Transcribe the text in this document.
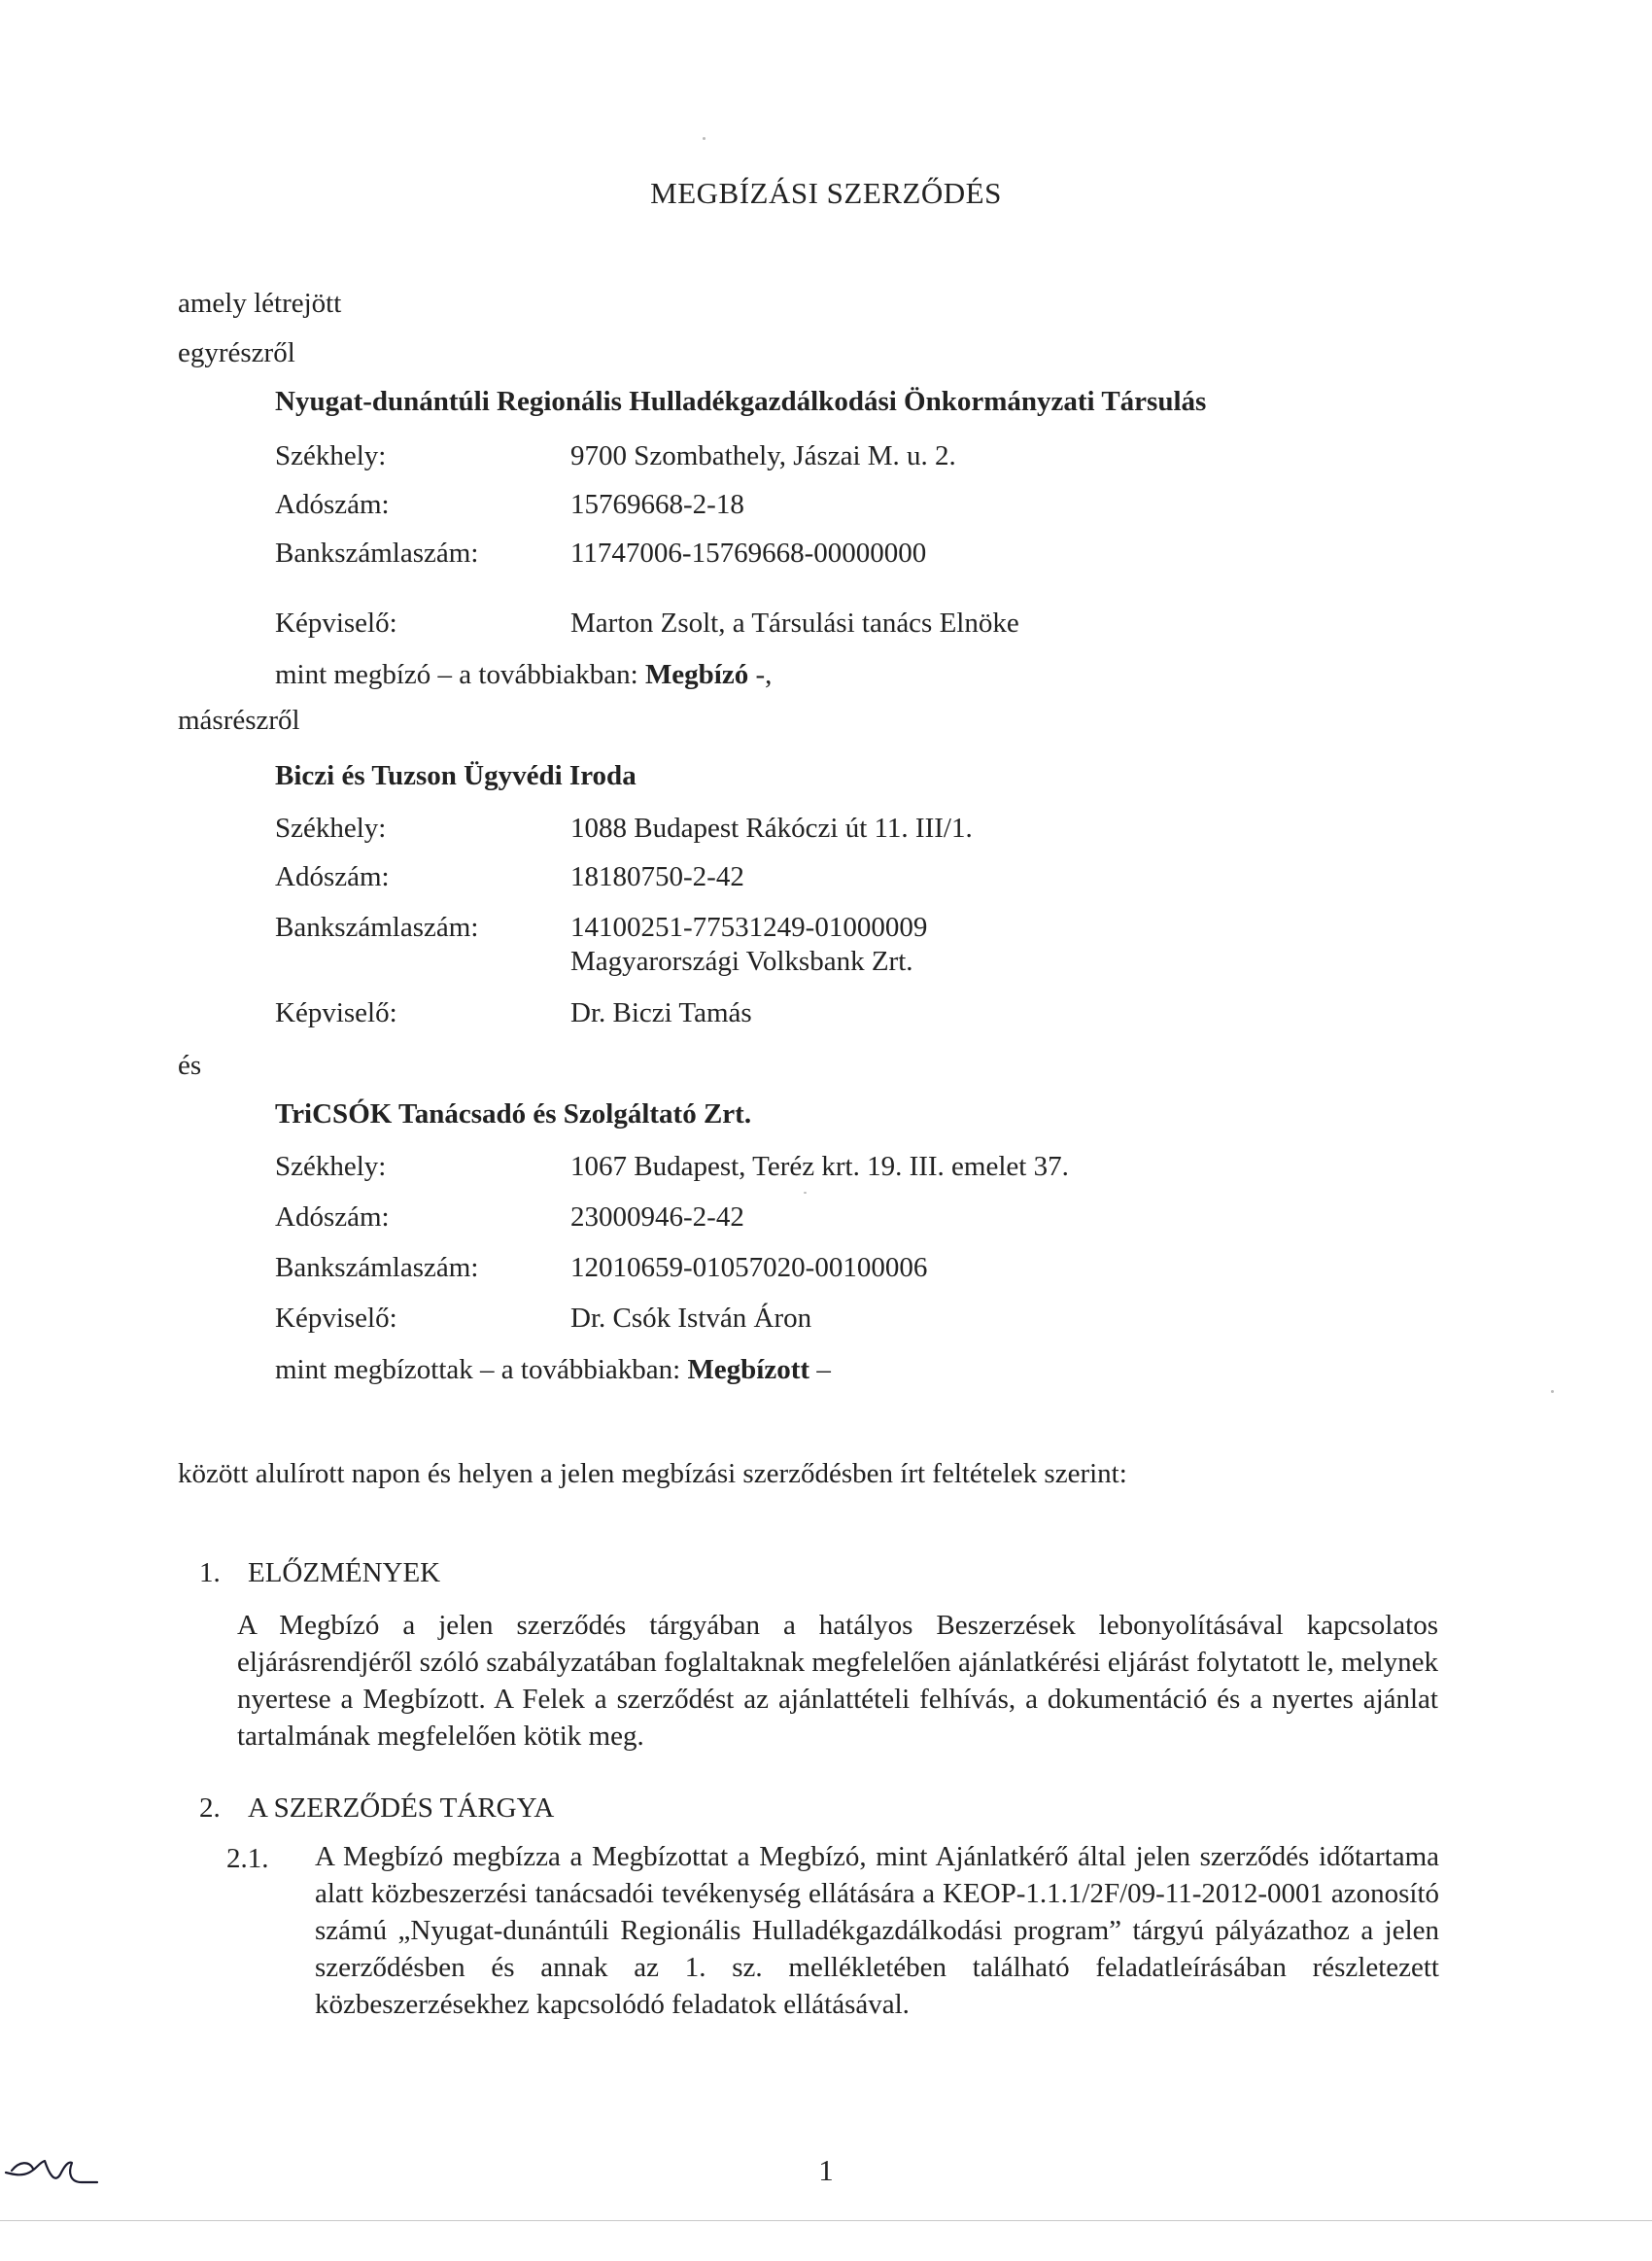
MEGBÍZÁSI SZERZŐDÉS
amely létrejött
egyrészről
Nyugat-dunántúli Regionális Hulladékgazdálkodási Önkormányzati Társulás
Székhely:	9700 Szombathely, Jászai M. u. 2.
Adószám:	15769668-2-18
Bankszámlaszám:	11747006-15769668-00000000
Képviselő:	Marton Zsolt, a Társulási tanács Elnöke
mint megbízó – a továbbiakban: Megbízó -,
másrészről
Biczi és Tuzson Ügyvédi Iroda
Székhely:	1088 Budapest Rákóczi út 11. III/1.
Adószám:	18180750-2-42
Bankszámlaszám:	14100251-77531249-01000009
Magyarországi Volksbank Zrt.
Képviselő:	Dr. Biczi Tamás
és
TriCSÓK Tanácsadó és Szolgáltató Zrt.
Székhely:	1067 Budapest, Teréz krt. 19. III. emelet 37.
Adószám:	23000946-2-42
Bankszámlaszám:	12010659-01057020-00100006
Képviselő:	Dr. Csók István Áron
mint megbízottak – a továbbiakban: Megbízott –
között alulírott napon és helyen a jelen megbízási szerződésben írt feltételek szerint:
1. ELŐZMÉNYEK
A Megbízó a jelen szerződés tárgyában a hatályos Beszerzések lebonyolításával kapcsolatos eljárásrendjéről szóló szabályzatában foglaltaknak megfelelően ajánlatkérési eljárást folytatott le, melynek nyertese a Megbízott. A Felek a szerződést az ajánlattételi felhívás, a dokumentáció és a nyertes ajánlat tartalmának megfelelően kötik meg.
2. A SZERZŐDÉS TÁRGYA
2.1. A Megbízó megbízza a Megbízottat a Megbízó, mint Ajánlatkérő által jelen szerződés időtartama alatt közbeszerzési tanácsadói tevékenység ellátására a KEOP-1.1.1/2F/09-11-2012-0001 azonosító számú „Nyugat-dunántúli Regionális Hulladékgazdálkodási program” tárgyú pályázathoz a jelen szerződésben és annak az 1. sz. mellékletében található feladatleírásában részletezett közbeszerzésekhez kapcsolódó feladatok ellátásával.
1
